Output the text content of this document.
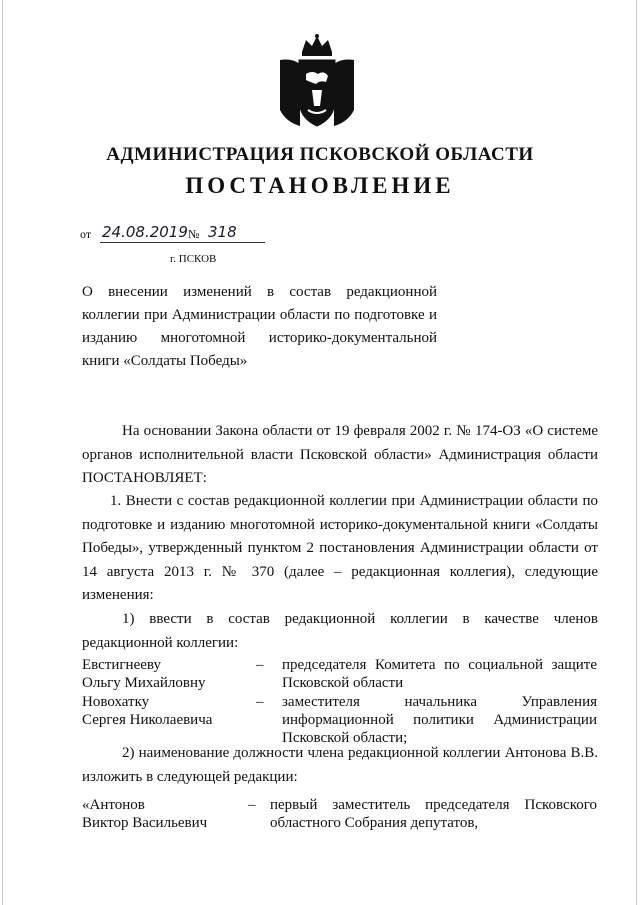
АДМИНИСТРАЦИЯ ПСКОВСКОЙ ОБЛАСТИ
ПОСТАНОВЛЕНИЕ
от 24.08.2019 № 318
г. ПСКОВ
О внесении изменений в состав редакционной коллегии при Администрации области по подготовке и изданию многотомной историко-документальной книги «Солдаты Победы»
На основании Закона области от 19 февраля 2002 г. № 174-ОЗ «О системе органов исполнительной власти Псковской области» Администрация области ПОСТАНОВЛЯЕТ:
1. Внести с состав редакционной коллегии при Администрации области по подготовке и изданию многотомной историко-документальной книги «Солдаты Победы», утвержденный пунктом 2 постановления Администрации области от 14 августа 2013 г. № 370 (далее – редакционная коллегия), следующие изменения:
1) ввести в состав редакционной коллегии в качестве членов редакционной коллегии:
Евстигнееву
Ольгу Михайловну
– председателя Комитета по социальной защите Псковской области
Новохатку
Сергея Николаевича
– заместителя начальника Управления информационной политики Администрации Псковской области;
2) наименование должности члена редакционной коллегии Антонова В.В. изложить в следующей редакции:
«Антонов
Виктор Васильевич
– первый заместитель председателя Псковского областного Собрания депутатов,
